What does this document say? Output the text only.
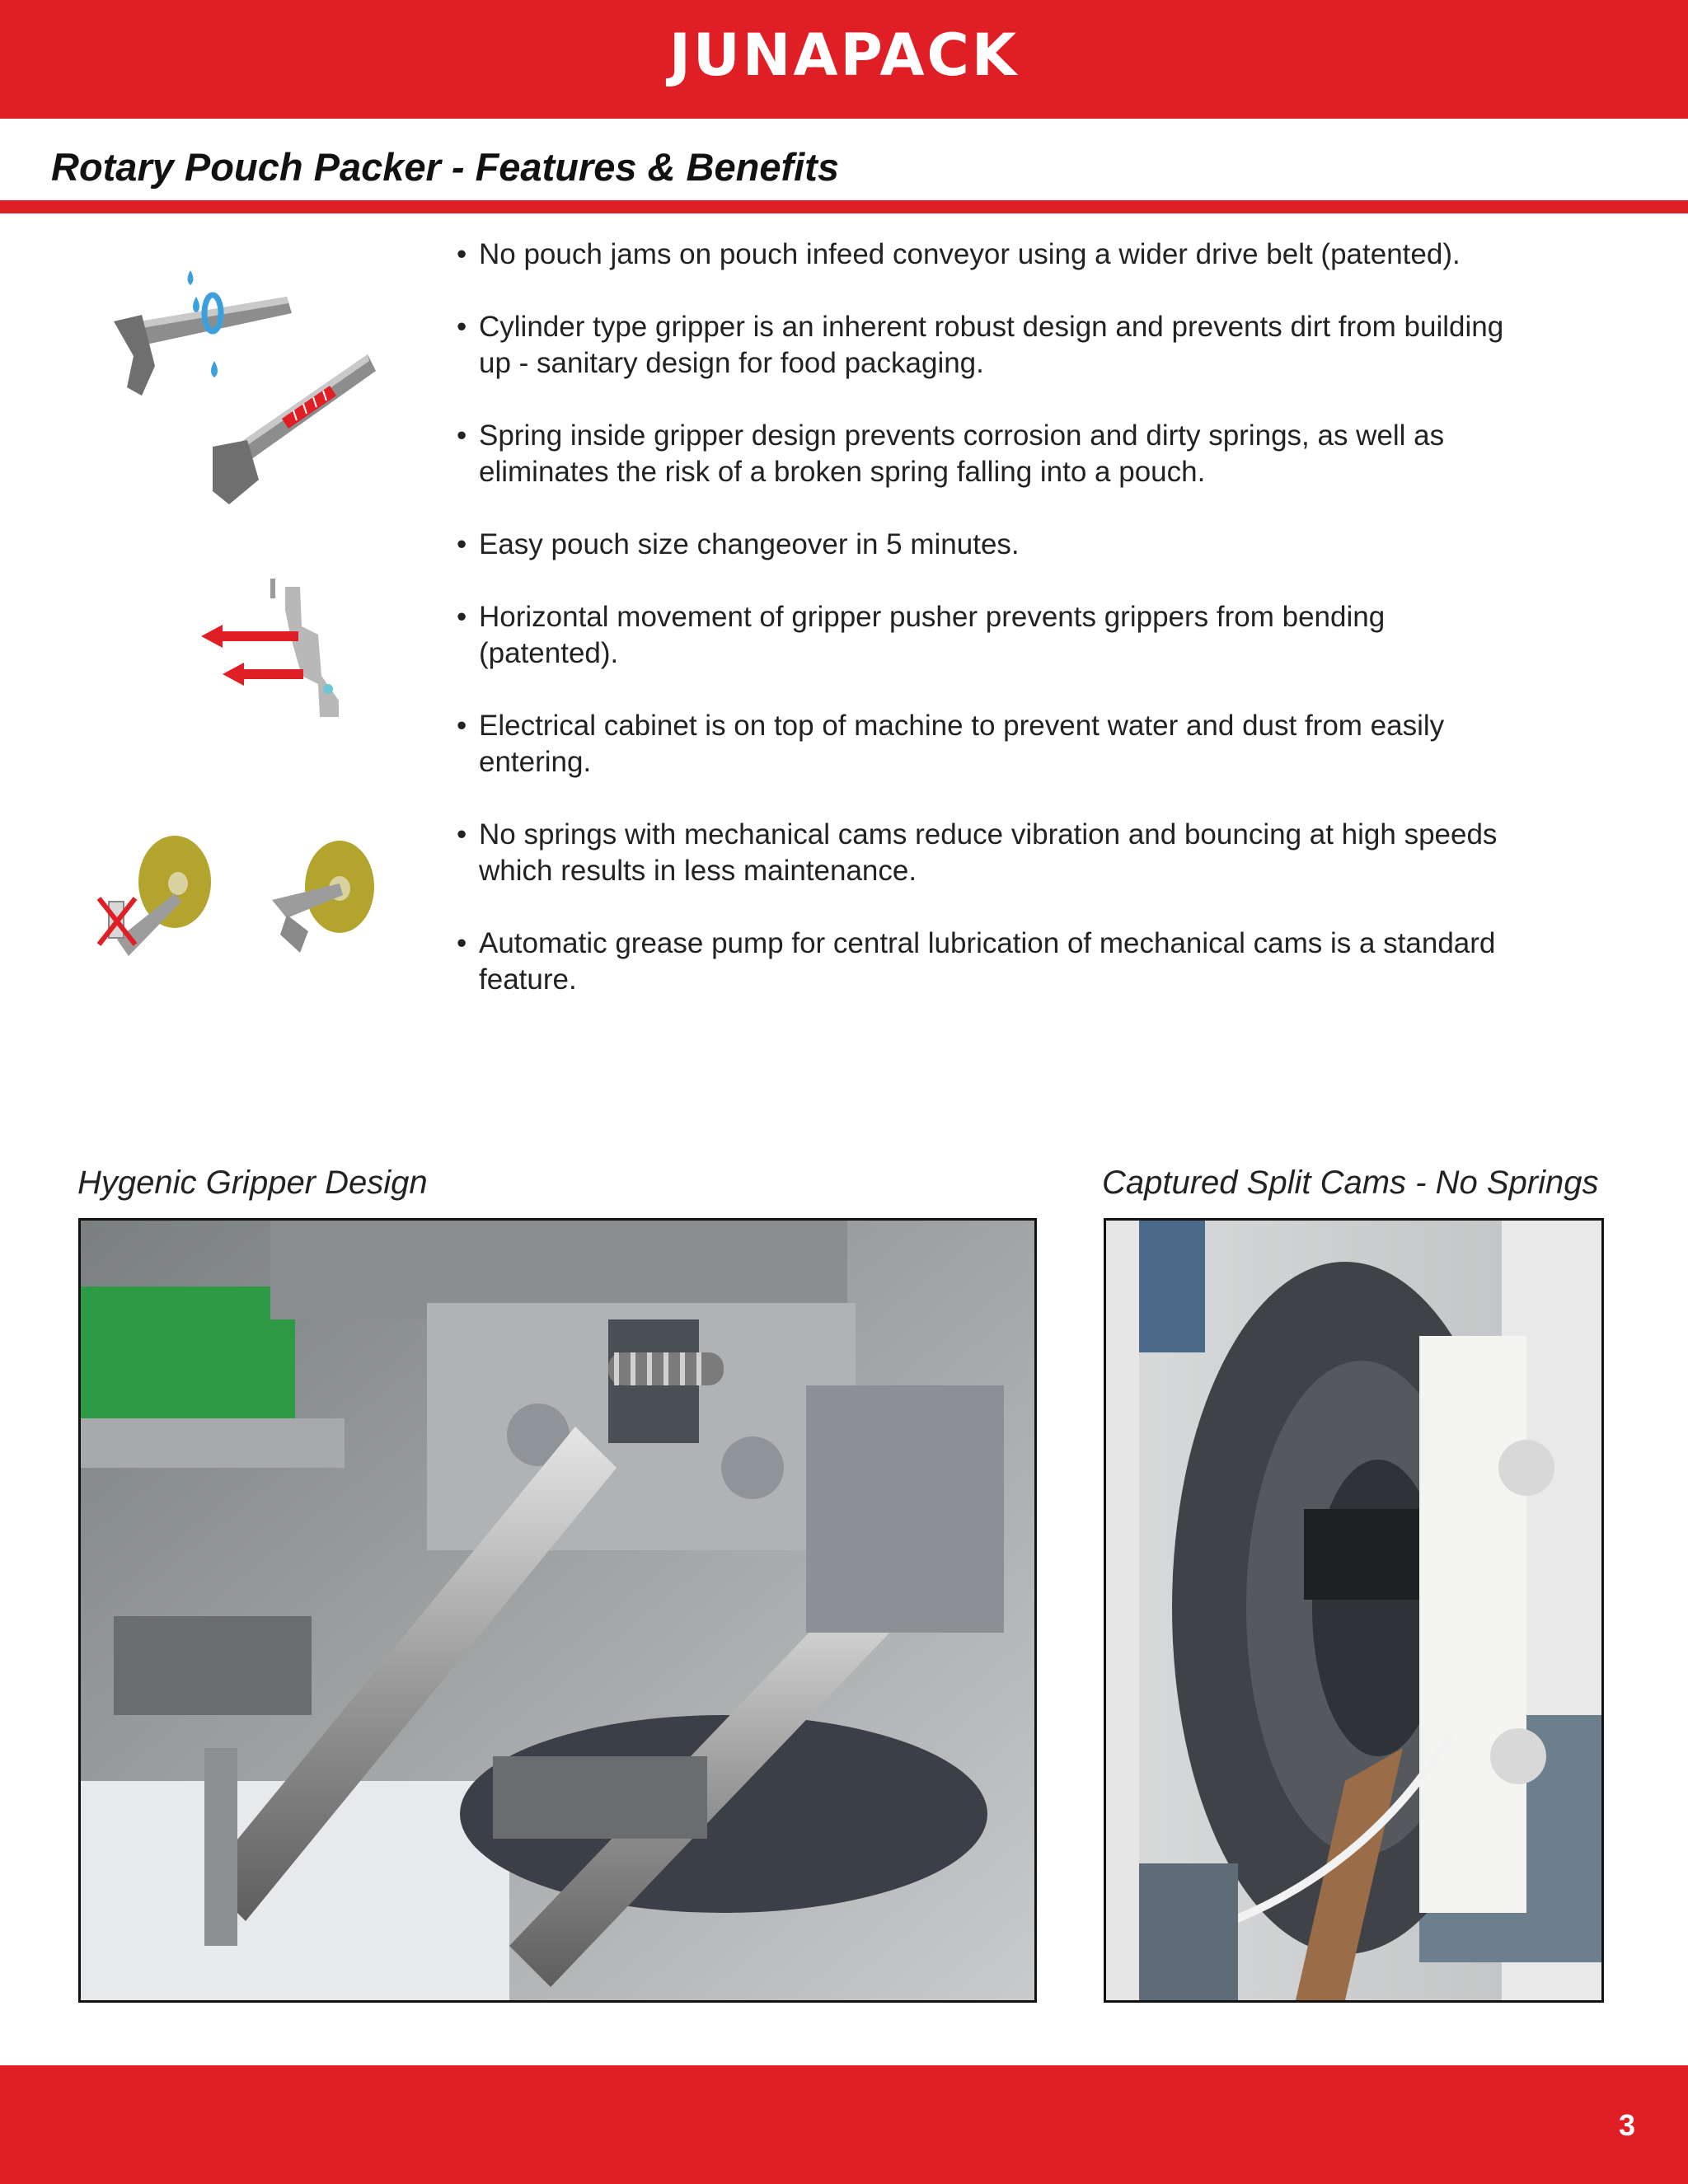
JUNAPACK
Rotary Pouch Packer - Features & Benefits
• No pouch jams on pouch infeed conveyor using a wider drive belt (patented).
• Cylinder type gripper is an inherent robust design and prevents dirt from building up - sanitary design for food packaging.
• Spring inside gripper design prevents corrosion and dirty springs, as well as eliminates the risk of a broken spring falling into a pouch.
• Easy pouch size changeover in 5 minutes.
• Horizontal movement of gripper pusher prevents grippers from bending (patented).
• Electrical cabinet is on top of machine to prevent water and dust from easily entering.
• No springs with mechanical cams reduce vibration and bouncing at high speeds which results in less maintenance.
• Automatic grease pump for central lubrication of mechanical cams is a standard feature.
Hygenic Gripper Design	Captured Split Cams - No Springs
3
